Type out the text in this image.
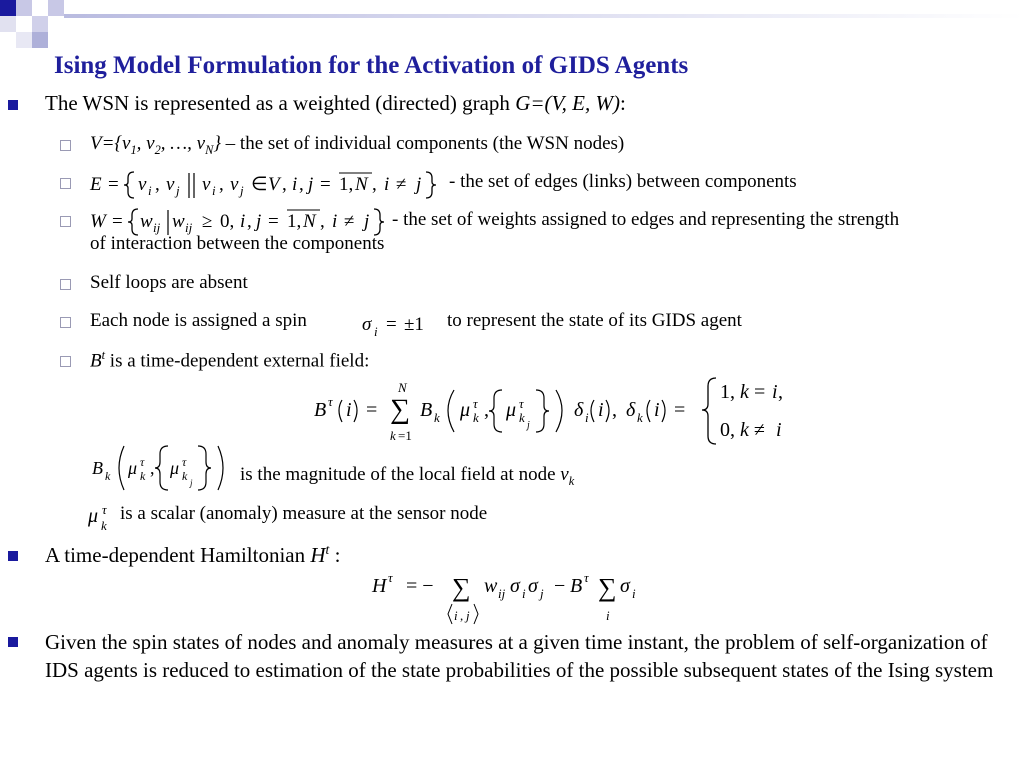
Ising Model Formulation for the Activation of GIDS Agents
The WSN is represented as a weighted (directed) graph G=(V, E, W):
$V=\{v_1$, $v_2$, …, $v_N$} – the set of individual components (the WSN nodes)
E = v i , v j v i , v j ∈ V , i , j = 1, N , i ≠ j - the set of edges (links) between components
W = w ij w ij ≥ 0, i , j = 1, N , i ≠ j - the set of weights assigned to edges and representing the strength
of interaction between the components
Self loops are absent
Each node is assigned a spin	σ i = ±1 to represent the state of its GIDS agent
$B^t$ is a time-dependent external field:
B τ i =
N
∑
k =1
B k μ τ
k , μ τ
k
j
δ i i , δ k i =
1, k = i ,
0, k ≠ i
B k μ τ
k , μ τ
k j is the magnitude of the local field at node $v_k$
μ τ
k
is a scalar (anomaly) measure at the sensor node
A time-dependent Hamiltonian $H^t$ :
H τ = − ∑
i , j
w ij σ i σ j − B τ ∑
i
σ i
Given the spin states of nodes and anomaly measures at a given time instant, the problem of self-organization of IDS agents is reduced to estimation of the state probabilities of the possible subsequent states of the Ising system
